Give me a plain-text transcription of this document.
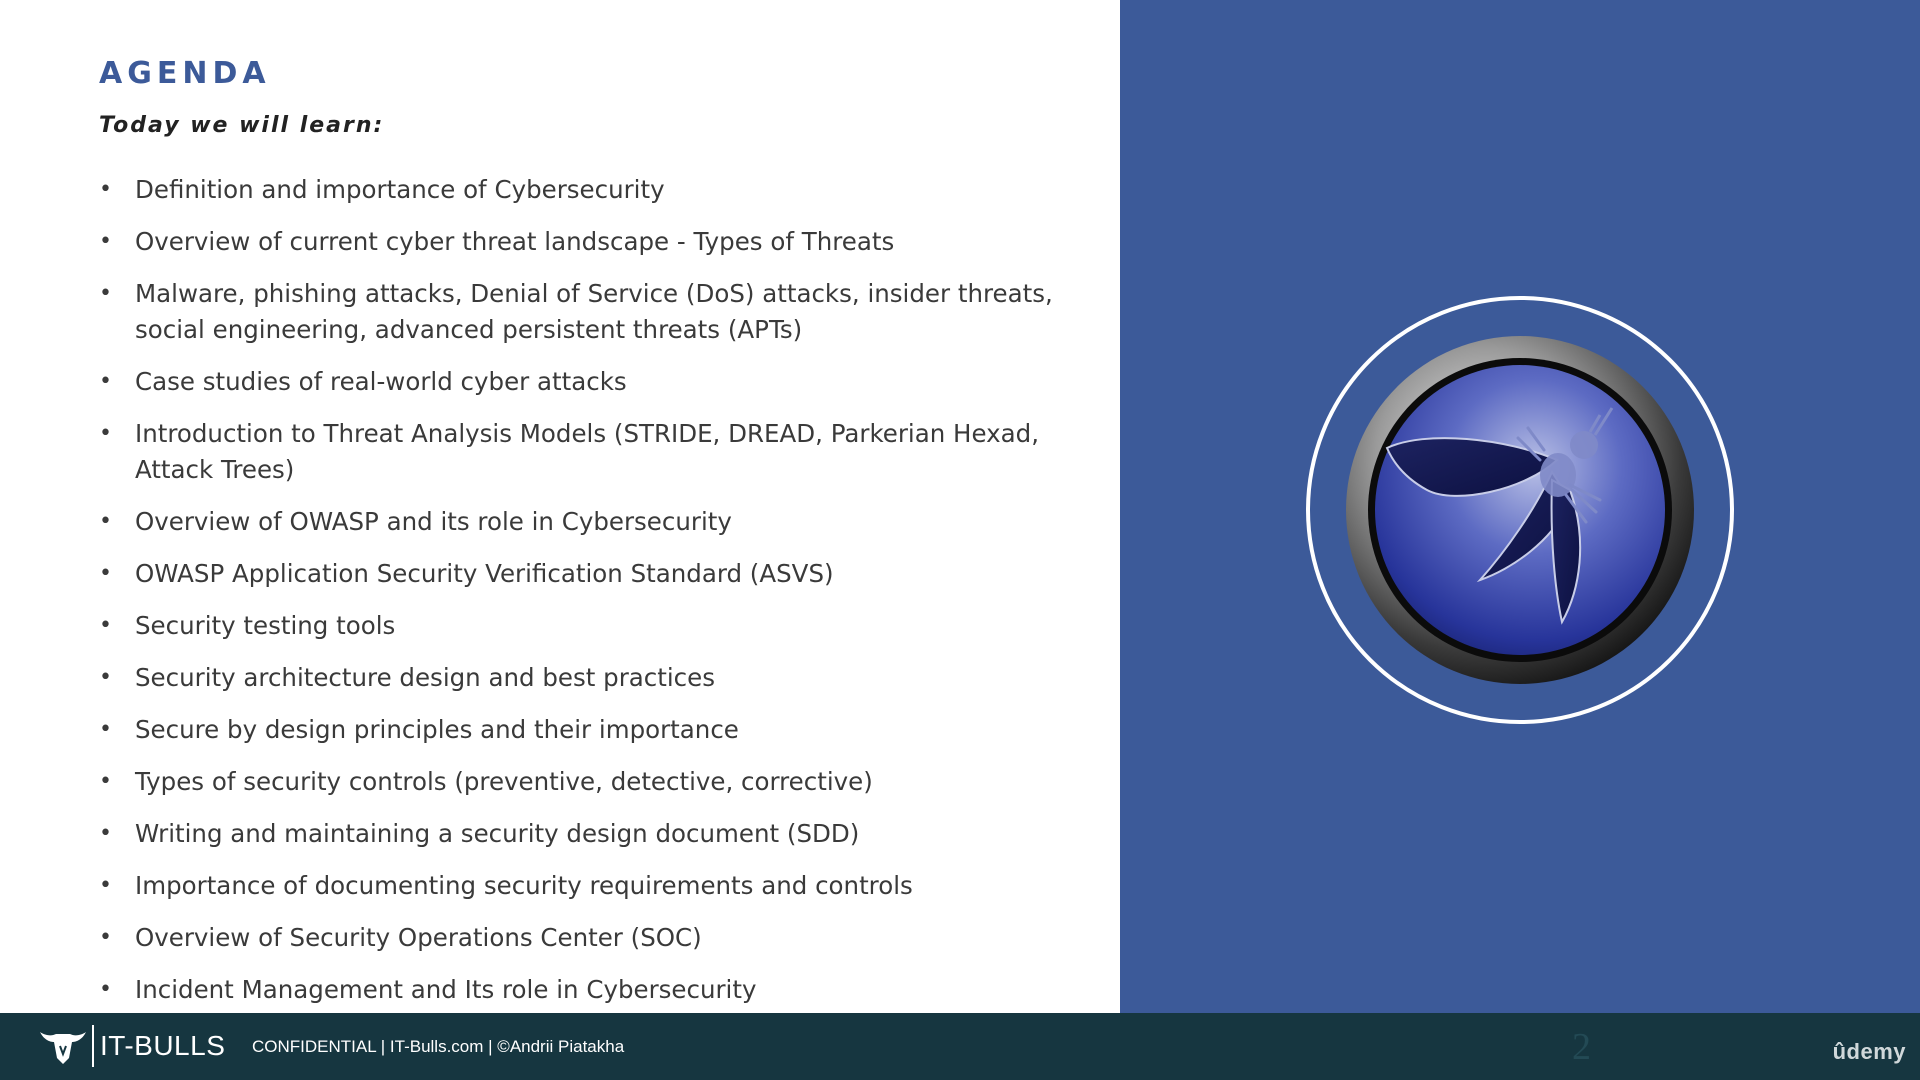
AGENDA

Today we will learn:

• Definition and importance of Cybersecurity
• Overview of current cyber threat landscape - Types of Threats
• Malware, phishing attacks, Denial of Service (DoS) attacks, insider threats, social engineering, advanced persistent threats (APTs)
• Case studies of real-world cyber attacks
• Introduction to Threat Analysis Models (STRIDE, DREAD, Parkerian Hexad, Attack Trees)
• Overview of OWASP and its role in Cybersecurity
• OWASP Application Security Verification Standard (ASVS)
• Security testing tools
• Security architecture design and best practices
• Secure by design principles and their importance
• Types of security controls (preventive, detective, corrective)
• Writing and maintaining a security design document (SDD)
• Importance of documenting security requirements and controls
• Overview of Security Operations Center (SOC)
• Incident Management and Its role in Cybersecurity
IT-BULLS CONFIDENTIAL | IT-Bulls.com | ©Andrii Piatakha	2	ûdemy
